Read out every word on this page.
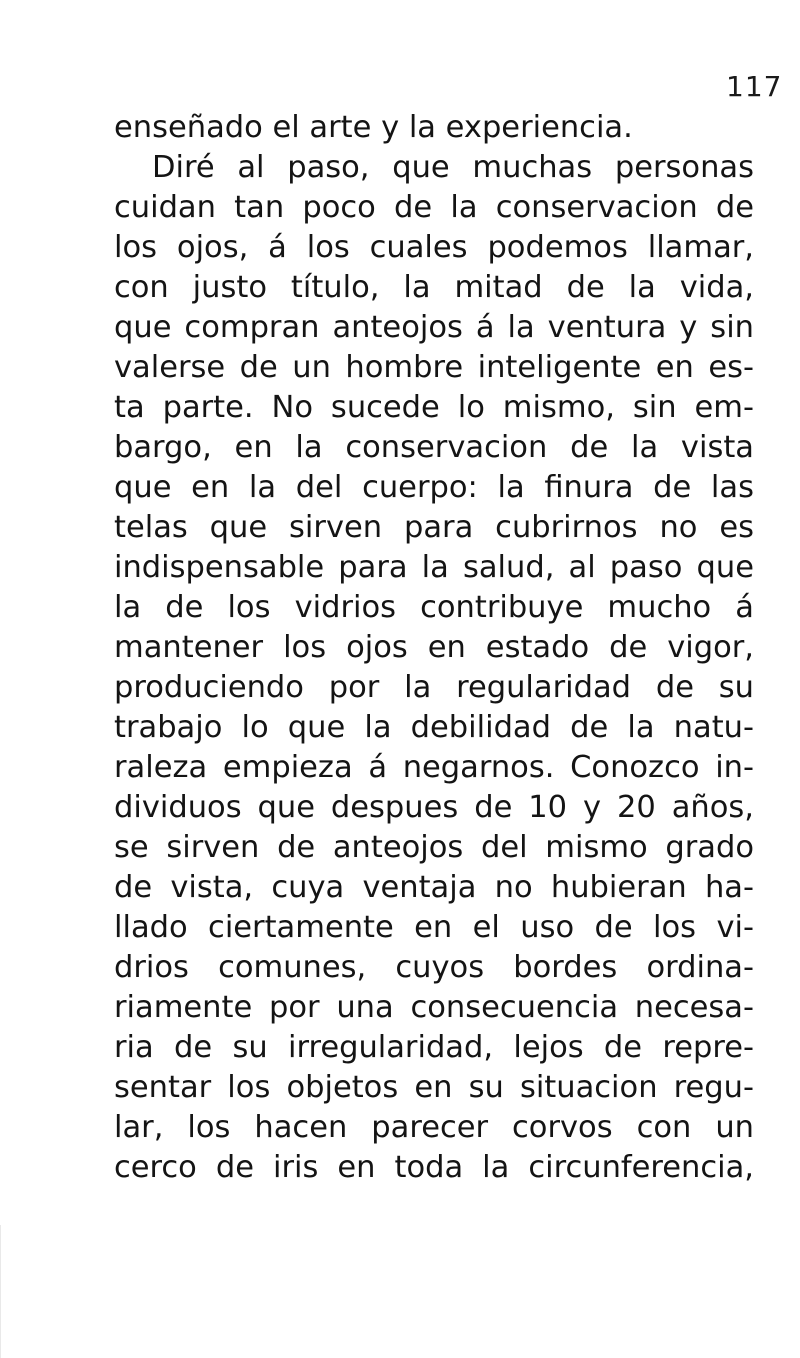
117
enseñado el arte y la experiencia.
Diré al paso, que muchas personas
cuidan tan poco de la conservacion de
los ojos, á los cuales podemos llamar,
con justo título, la mitad de la vida,
que compran anteojos á la ventura y sin
valerse de un hombre inteligente en es-
ta parte. No sucede lo mismo, sin em-
bargo, en la conservacion de la vista
que en la del cuerpo: la finura de las
telas que sirven para cubrirnos no es
indispensable para la salud, al paso que
la de los vidrios contribuye mucho á
mantener los ojos en estado de vigor,
produciendo por la regularidad de su
trabajo lo que la debilidad de la natu-
raleza empieza á negarnos. Conozco in-
dividuos que despues de 10 y 20 años,
se sirven de anteojos del mismo grado
de vista, cuya ventaja no hubieran ha-
llado ciertamente en el uso de los vi-
drios comunes, cuyos bordes ordina-
riamente por una consecuencia necesa-
ria de su irregularidad, lejos de repre-
sentar los objetos en su situacion regu-
lar, los hacen parecer corvos con un
cerco de iris en toda la circunferencia,
